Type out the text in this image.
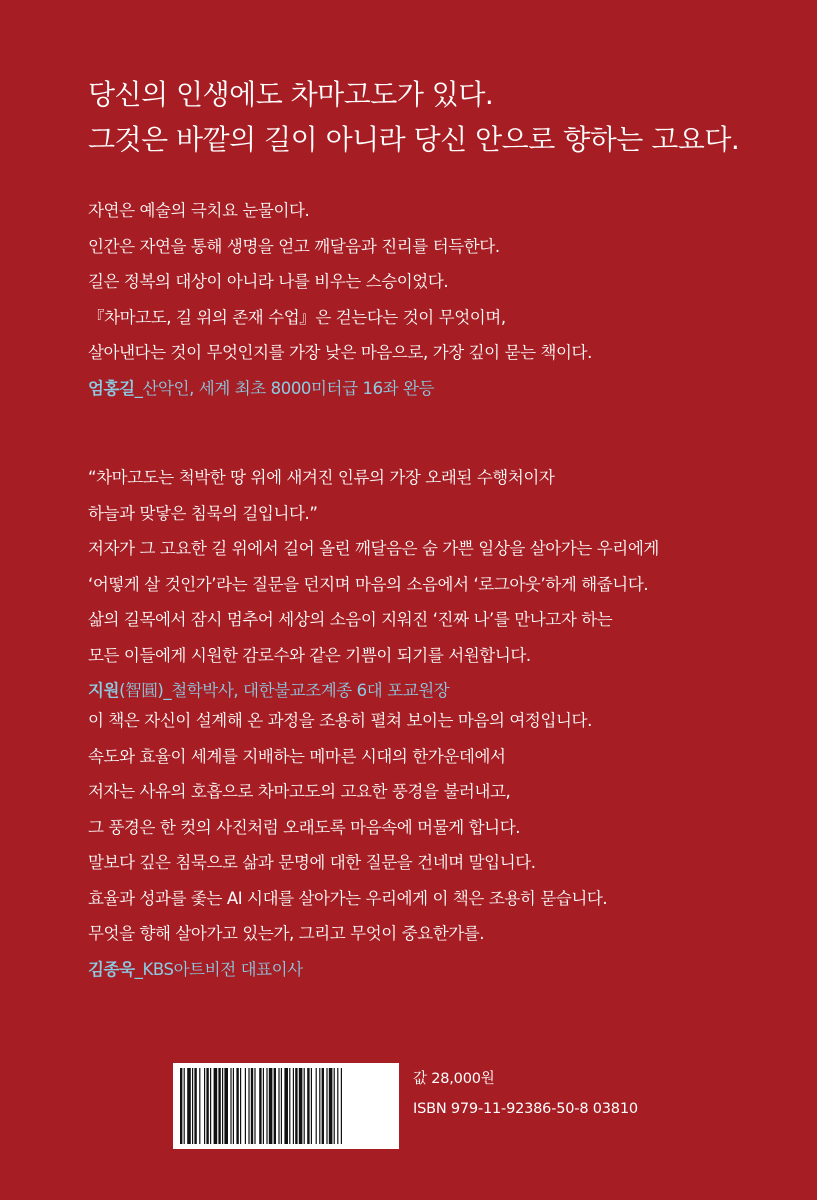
당신의 인생에도 차마고도가 있다.
그것은 바깥의 길이 아니라 당신 안으로 향하는 고요다.

자연은 예술의 극치요 눈물이다.

인간은 자연을 통해 생명을 얻고 깨달음과 진리를 터득한다.

길은 정복의 대상이 아니라 나를 비우는 스승이었다.

『차마고도, 길 위의 존재 수업』은 걷는다는 것이 무엇이며,

살아낸다는 것이 무엇인지를 가장 낮은 마음으로, 가장 깊이 묻는 책이다.

엄홍길_산악인, 세계 최초 8000미터급 16좌 완등

“차마고도는 척박한 땅 위에 새겨진 인류의 가장 오래된 수행처이자

하늘과 맞닿은 침묵의 길입니다.”

저자가 그 고요한 길 위에서 길어 올린 깨달음은 숨 가쁜 일상을 살아가는 우리에게

‘어떻게 살 것인가’라는 질문을 던지며 마음의 소음에서 ‘로그아웃’하게 해줍니다.

삶의 길목에서 잠시 멈추어 세상의 소음이 지워진 ‘진짜 나’를 만나고자 하는

모든 이들에게 시원한 감로수와 같은 기쁨이 되기를 서원합니다.

지원(智圓)_철학박사, 대한불교조계종 6대 포교원장

이 책은 자신이 설계해 온 과정을 조용히 펼쳐 보이는 마음의 여정입니다.

속도와 효율이 세계를 지배하는 메마른 시대의 한가운데에서

저자는 사유의 호흡으로 차마고도의 고요한 풍경을 불러내고,

그 풍경은 한 컷의 사진처럼 오래도록 마음속에 머물게 합니다.

말보다 깊은 침묵으로 삶과 문명에 대한 질문을 건네며 말입니다.

효율과 성과를 좇는 AI 시대를 살아가는 우리에게 이 책은 조용히 묻습니다.

무엇을 향해 살아가고 있는가, 그리고 무엇이 중요한가를.

김종욱_KBS아트비전 대표이사

값 28,000원
ISBN 979-11-92386-50-8 03810
